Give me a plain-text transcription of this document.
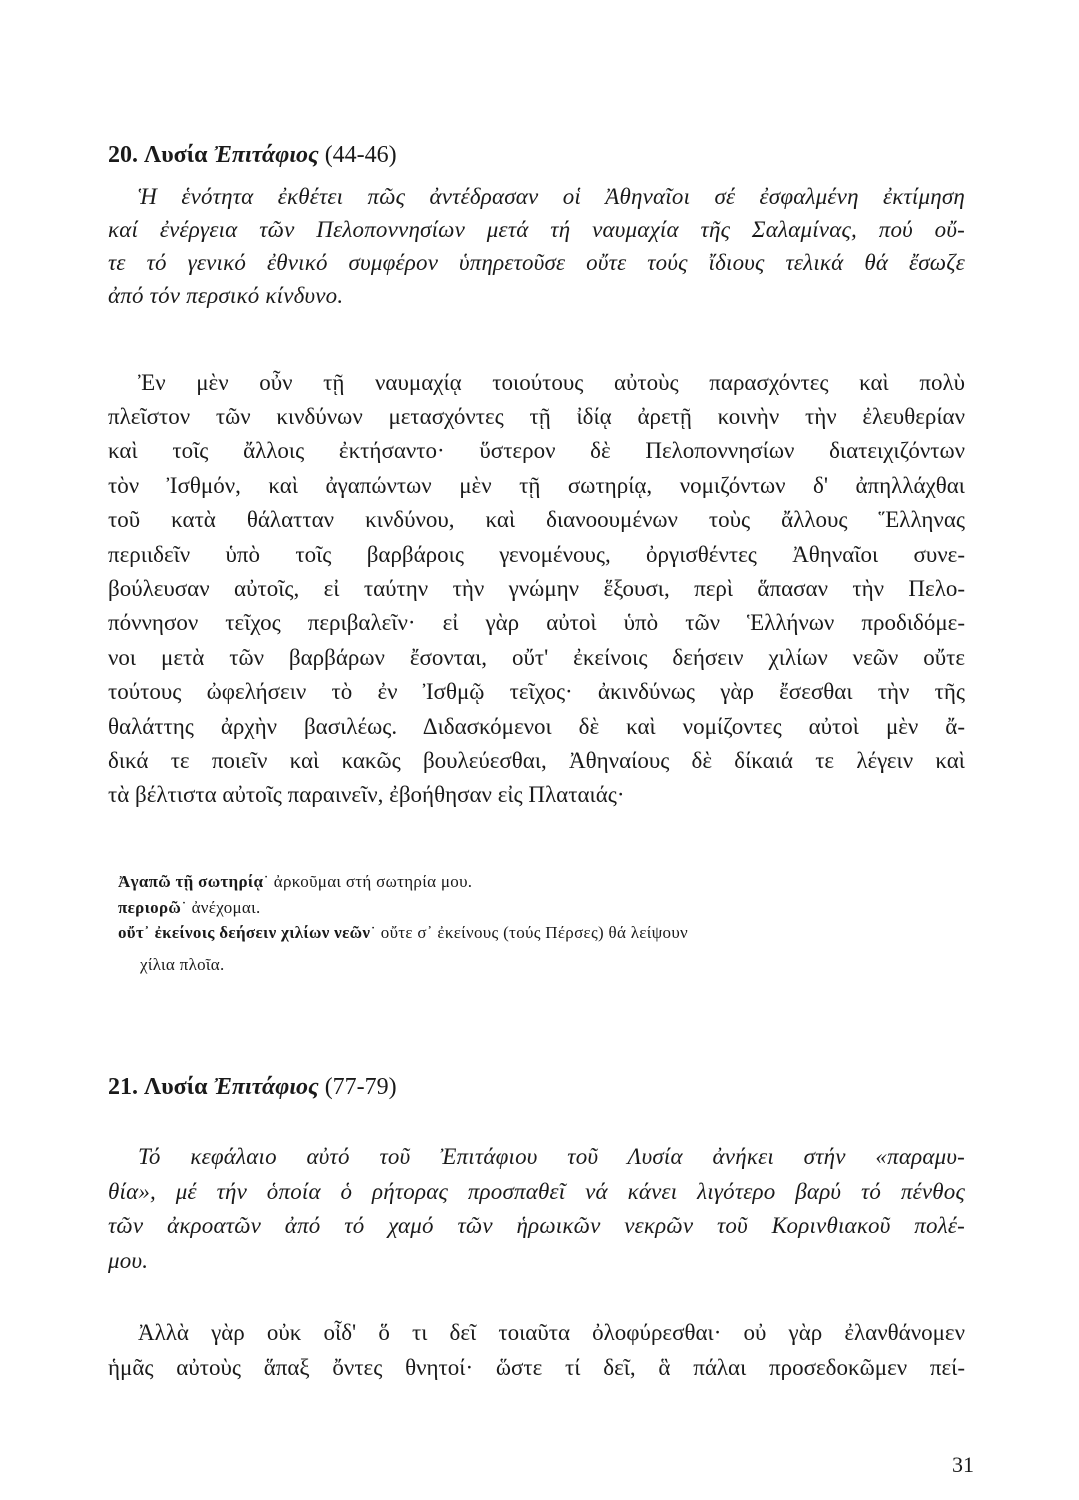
20. Λυσία Ἐπιτάφιος (44-46)
Ἡ ἑνότητα ἐκθέτει πῶς ἀντέδρασαν οἱ Ἀθηναῖοι σέ ἐσφαλμένη ἐκτίμηση
καί ἐνέργεια τῶν Πελοποννησίων μετά τή ναυμαχία τῆς Σαλαμίνας, πού οὔ-
τε τό γενικό ἐθνικό συμφέρον ὑπηρετοῦσε οὔτε τούς ἴδιους τελικά θά ἔσωζε
ἀπό τόν περσικό κίνδυνο.
Ἐν μὲν οὖν τῇ ναυμαχίᾳ τοιούτους αὐτοὺς παρασχόντες καὶ πολὺ
πλεῖστον τῶν κινδύνων μετασχόντες τῇ ἰδίᾳ ἀρετῇ κοινὴν τὴν ἐλευθερίαν
καὶ τοῖς ἄλλοις ἐκτήσαντο· ὕστερον δὲ Πελοποννησίων διατειχιζόντων
τὸν Ἰσθμόν, καὶ ἀγαπώντων μὲν τῇ σωτηρίᾳ, νομιζόντων δ' ἀπηλλάχθαι
τοῦ κατὰ θάλατταν κινδύνου, καὶ διανοουμένων τοὺς ἄλλους Ἕλληνας
περιιδεῖν ὑπὸ τοῖς βαρβάροις γενομένους, ὀργισθέντες Ἀθηναῖοι συνε-
βούλευσαν αὐτοῖς, εἰ ταύτην τὴν γνώμην ἕξουσι, περὶ ἅπασαν τὴν Πελο-
πόννησον τεῖχος περιβαλεῖν· εἰ γὰρ αὐτοὶ ὑπὸ τῶν Ἑλλήνων προδιδόμε-
νοι μετὰ τῶν βαρβάρων ἔσονται, οὔτ' ἐκείνοις δεήσειν χιλίων νεῶν οὔτε
τούτους ὠφελήσειν τὸ ἐν Ἰσθμῷ τεῖχος· ἀκινδύνως γὰρ ἔσεσθαι τὴν τῆς
θαλάττης ἀρχὴν βασιλέως. Διδασκόμενοι δὲ καὶ νομίζοντες αὐτοὶ μὲν ἄ-
δικά τε ποιεῖν καὶ κακῶς βουλεύεσθαι, Ἀθηναίους δὲ δίκαιά τε λέγειν καὶ
τὰ βέλτιστα αὐτοῖς παραινεῖν, ἐβοήθησαν εἰς Πλαταιάς·
Ἀγαπῶ τῇ σωτηρίᾳ˙ ἀρκοῦμαι στή σωτηρία μου.
περιορῶ˙ ἀνέχομαι.
οὔτ᾽ ἐκείνοις δεήσειν χιλίων νεῶν˙ οὔτε σ᾽ ἐκείνους (τούς Πέρσες) θά λείψουν
χίλια πλοῖα.
21. Λυσία Ἐπιτάφιος (77-79)
Τό κεφάλαιο αὐτό τοῦ Ἐπιτάφιου τοῦ Λυσία ἀνήκει στήν «παραμυ-
θία», μέ τήν ὁποία ὁ ρήτορας προσπαθεῖ νά κάνει λιγότερο βαρύ τό πένθος
τῶν ἀκροατῶν ἀπό τό χαμό τῶν ἡρωικῶν νεκρῶν τοῦ Κορινθιακοῦ πολέ-
μου.
Ἀλλὰ γὰρ οὐκ οἶδ' ὅ τι δεῖ τοιαῦτα ὀλοφύρεσθαι· οὐ γὰρ ἐλανθάνομεν
ἡμᾶς αὐτοὺς ἅπαξ ὄντες θνητοί· ὥστε τί δεῖ, ἃ πάλαι προσεδοκῶμεν πεί-
31
